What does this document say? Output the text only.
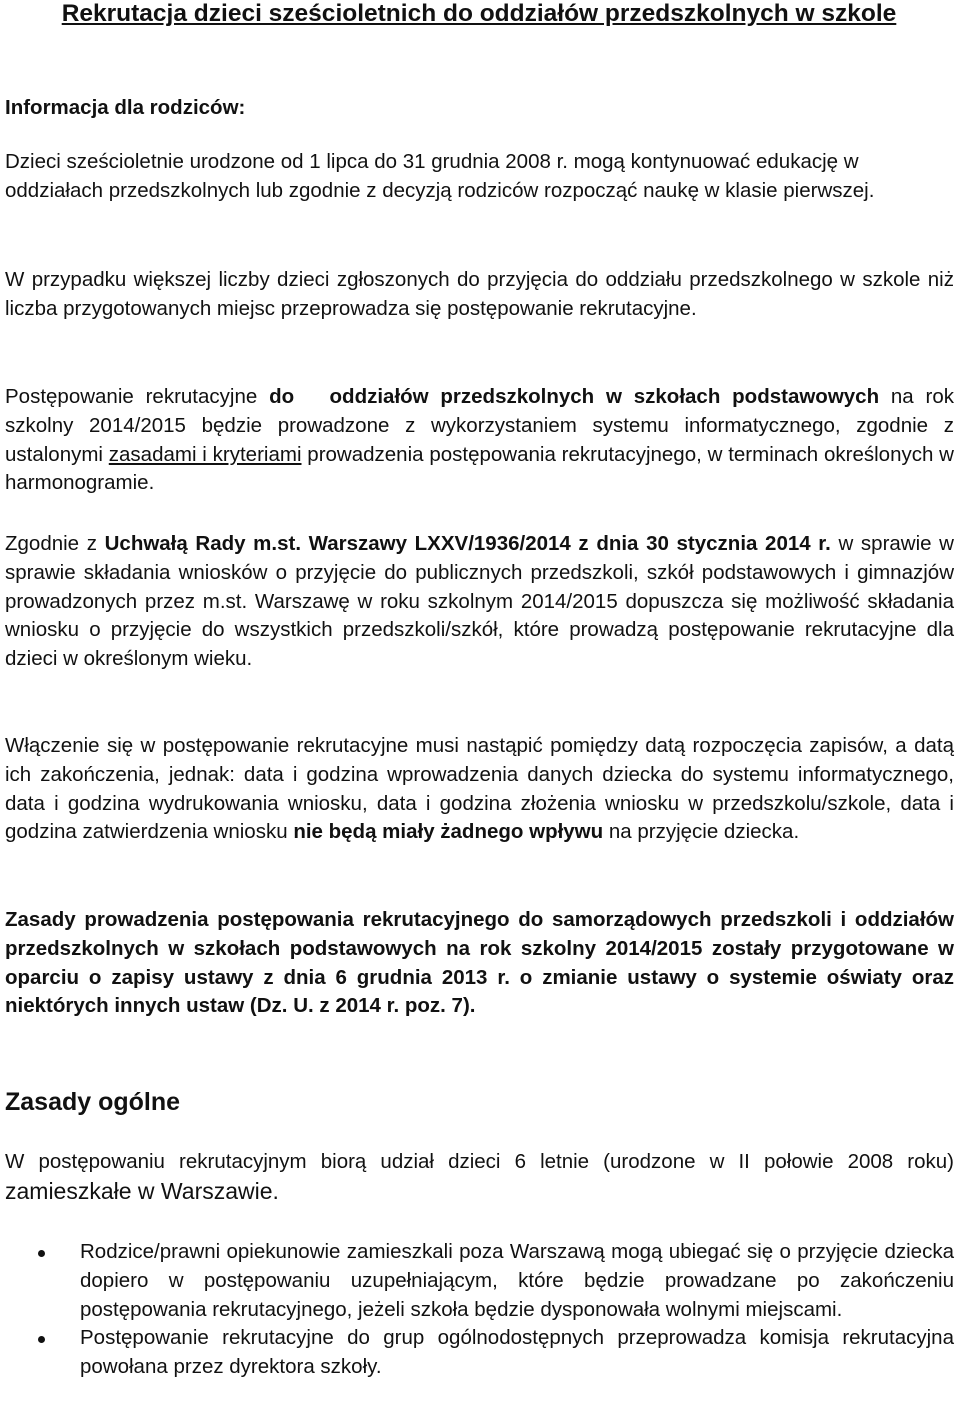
Rekrutacja dzieci sześcioletnich do oddziałów przedszkolnych w szkole

Informacja dla rodziców:

Dzieci sześcioletnie urodzone od 1 lipca do 31 grudnia 2008 r. mogą kontynuować edukację w oddziałach przedszkolnych lub zgodnie z decyzją rodziców rozpocząć naukę w klasie pierwszej.

W przypadku większej liczby dzieci zgłoszonych do przyjęcia do oddziału przedszkolnego w szkole niż liczba przygotowanych miejsc przeprowadza się postępowanie rekrutacyjne.

Postępowanie rekrutacyjne do   oddziałów przedszkolnych w szkołach podstawowych na rok szkolny 2014/2015 będzie prowadzone z wykorzystaniem systemu informatycznego, zgodnie z ustalonymi zasadami i kryteriami prowadzenia postępowania rekrutacyjnego, w terminach określonych w harmonogramie.

Zgodnie z Uchwałą Rady m.st. Warszawy LXXV/1936/2014 z dnia 30 stycznia 2014 r. w sprawie w sprawie składania wniosków o przyjęcie do publicznych przedszkoli, szkół podstawowych i gimnazjów prowadzonych przez m.st. Warszawę w roku szkolnym 2014/2015 dopuszcza się możliwość składania wniosku o przyjęcie do wszystkich przedszkoli/szkół, które prowadzą postępowanie rekrutacyjne dla dzieci w określonym wieku.

Włączenie się w postępowanie rekrutacyjne musi nastąpić pomiędzy datą rozpoczęcia zapisów, a datą ich zakończenia, jednak: data i godzina wprowadzenia danych dziecka do systemu informatycznego, data i godzina wydrukowania wniosku, data i godzina złożenia wniosku w przedszkolu/szkole, data i godzina zatwierdzenia wniosku nie będą miały żadnego wpływu na przyjęcie dziecka.

Zasady prowadzenia postępowania rekrutacyjnego do samorządowych przedszkoli i oddziałów przedszkolnych w szkołach podstawowych na rok szkolny 2014/2015 zostały przygotowane w oparciu o zapisy ustawy z dnia 6 grudnia 2013 r. o zmianie ustawy o systemie oświaty oraz niektórych innych ustaw (Dz. U. z 2014 r. poz. 7).

Zasady ogólne

W postępowaniu rekrutacyjnym biorą udział dzieci 6 letnie (urodzone w II połowie 2008 roku) zamieszkałe w Warszawie.

Rodzice/prawni opiekunowie zamieszkali poza Warszawą mogą ubiegać się o przyjęcie dziecka dopiero w postępowaniu uzupełniającym, które będzie prowadzane po zakończeniu postępowania rekrutacyjnego, jeżeli szkoła będzie dysponowała wolnymi miejscami.
Postępowanie rekrutacyjne do grup ogólnodostępnych przeprowadza komisja rekrutacyjna powołana przez dyrektora szkoły.
